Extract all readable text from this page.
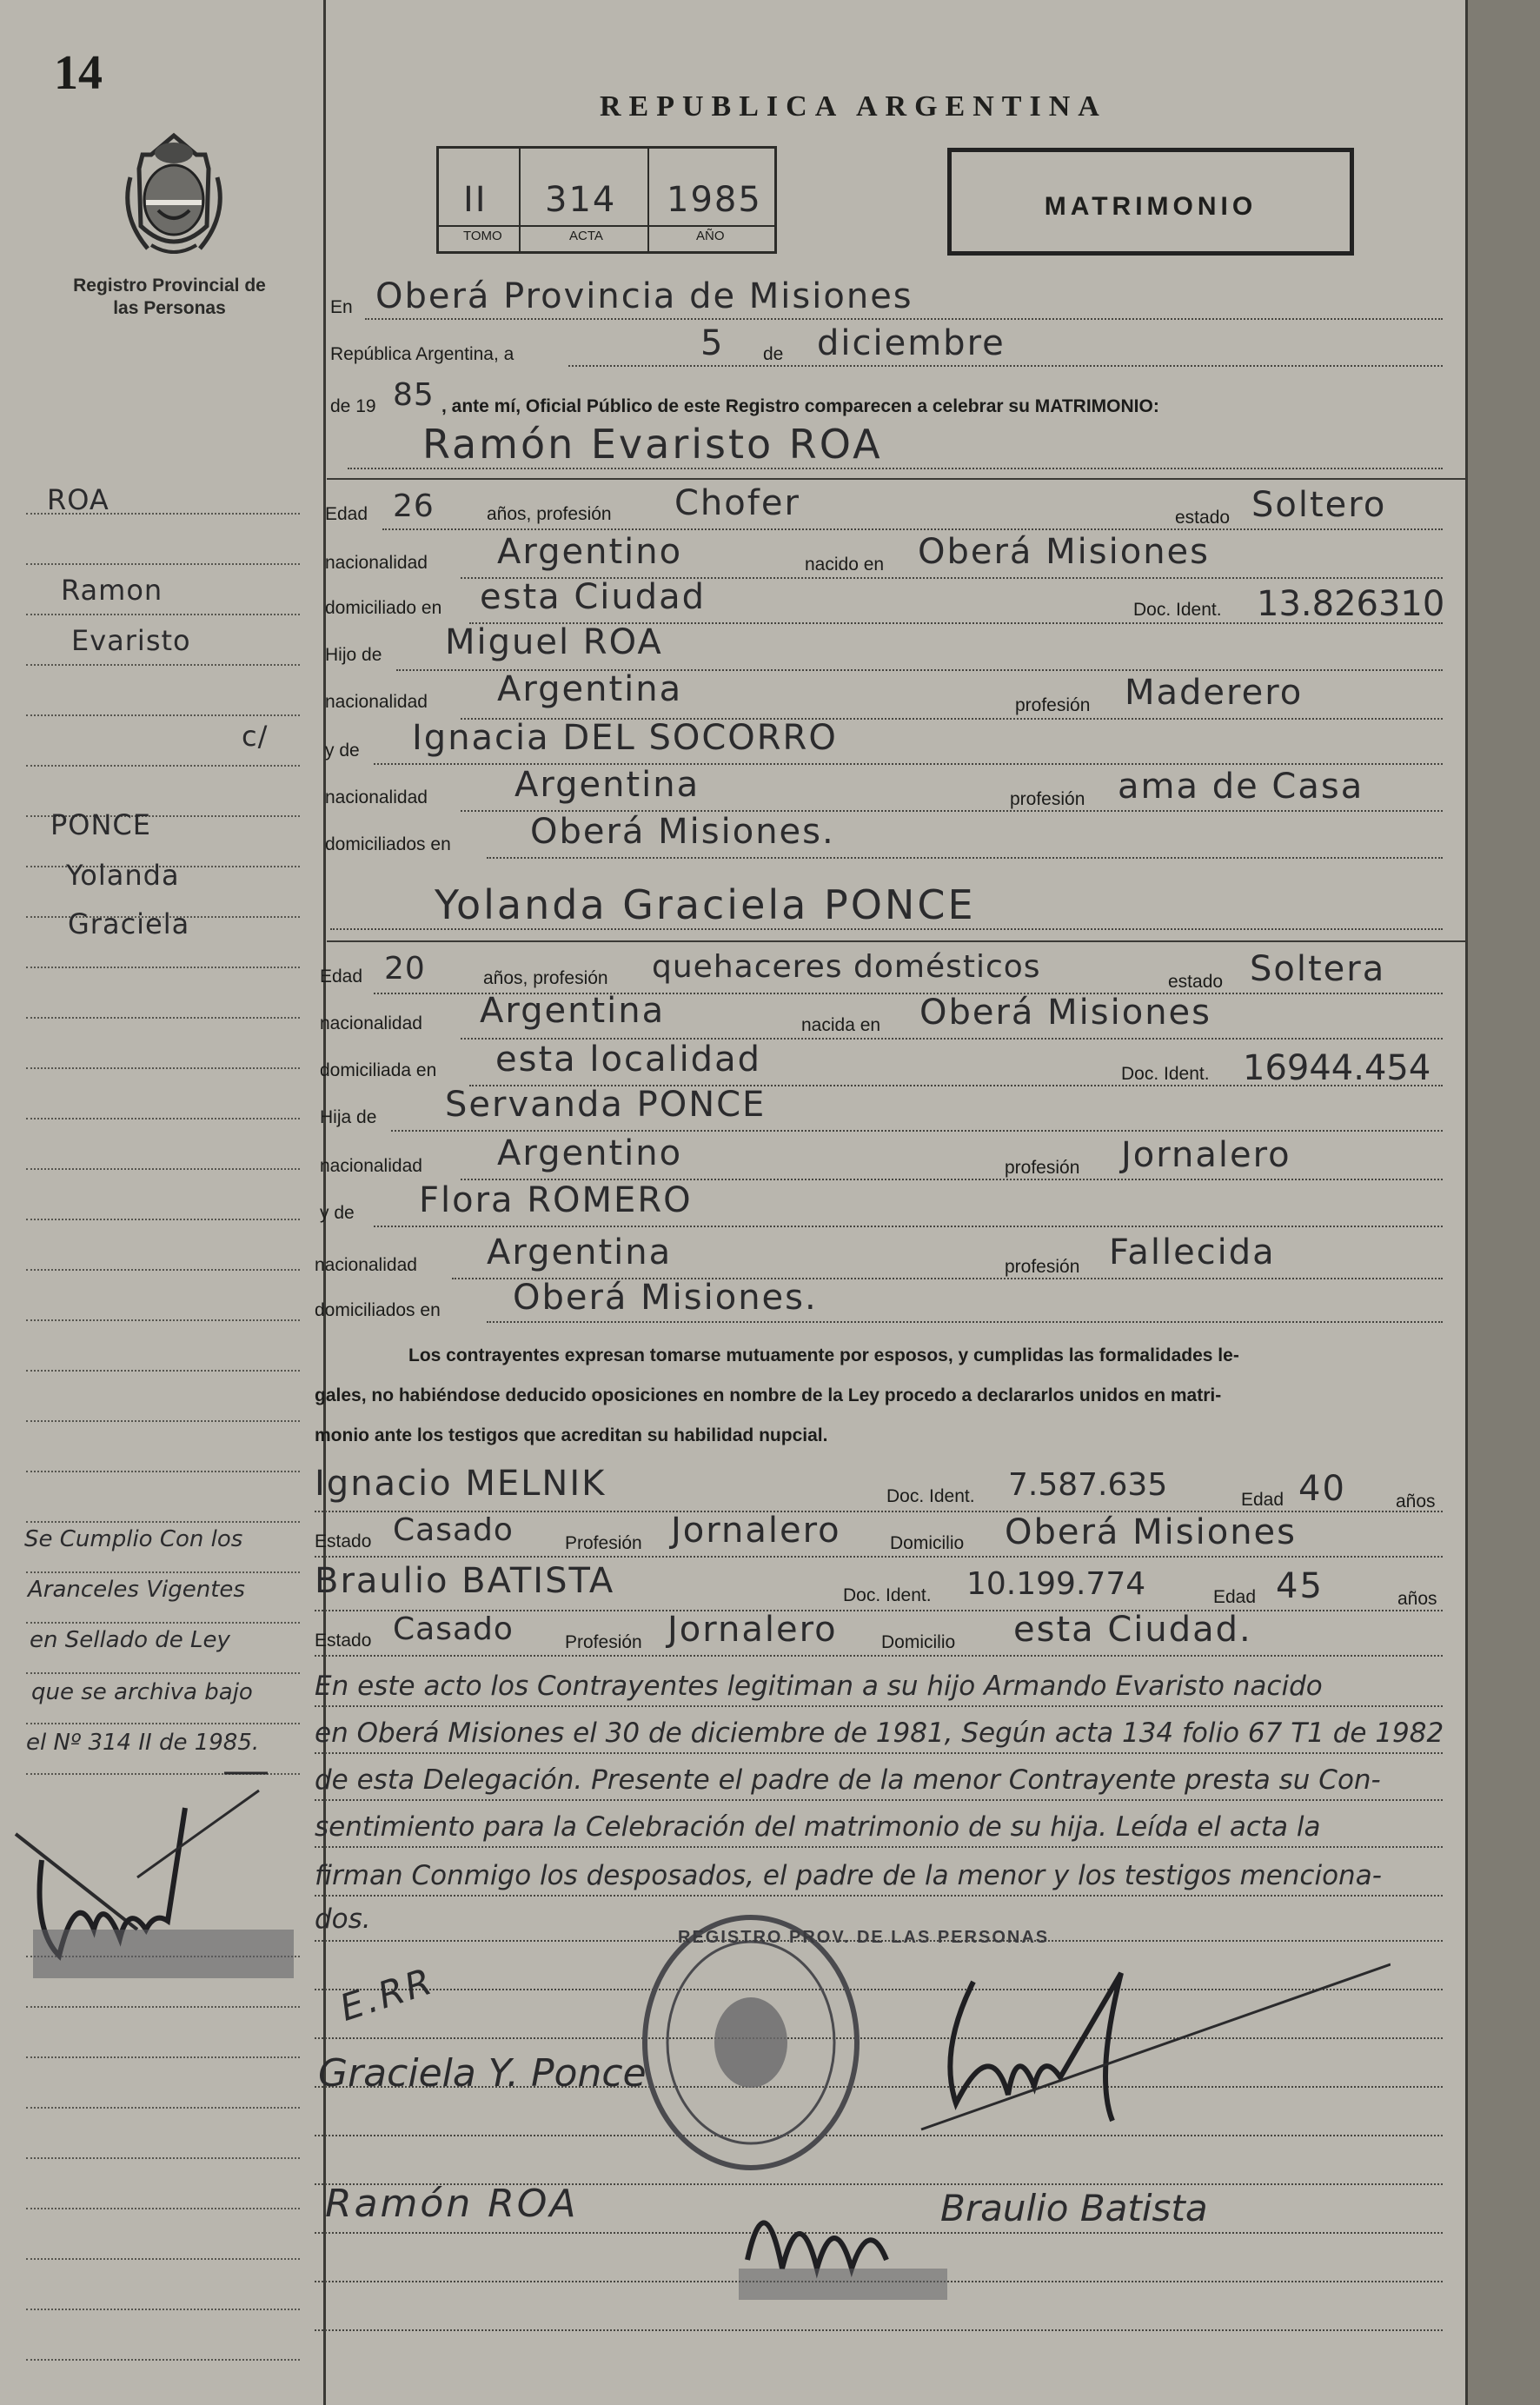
14
Registro Provincial de las Personas
REPUBLICA ARGENTINA
II 314 1985
TOMO	ACTA	AÑO
MATRIMONIO
En Oberá Provincia de Misiones
República Argentina, a	5 de diciembre
de 19 85 , ante mí, Oficial Público de este Registro comparecen a celebrar su MATRIMONIO:
Ramón Evaristo ROA
Edad 26	años, profesión Chofer	estado Soltero
nacionalidad Argentino	nacido en Oberá Misiones
domiciliado en esta Ciudad	Doc. Ident. 13.826310
Hijo de Miguel ROA
nacionalidad Argentina	profesión Maderero
y de Ignacia DEL SOCORRO
nacionalidad	Argentina	profesión ama de Casa
domiciliados en Oberá Misiones.
Yolanda Graciela PONCE
Edad 20	años, profesión quehaceres domésticos	estado Soltera
nacionalidad Argentina	nacida en Oberá Misiones
domiciliada en esta localidad	Doc. Ident. 16944.454
Hija de Servanda PONCE
nacionalidad Argentino	profesión Jornalero
y de Flora ROMERO
nacionalidad Argentina	profesión Fallecida
domiciliados en Oberá Misiones.
Los contrayentes expresan tomarse mutuamente por esposos, y cumplidas las formalidades le-
gales, no habiéndose deducido oposiciones en nombre de la Ley procedo a declararlos unidos en matri-
monio ante los testigos que acreditan su habilidad nupcial.
Ignacio MELNIK	Doc. Ident. 7.587.635	Edad 40	años
Estado Casado	Profesión Jornalero	Domicilio Oberá Misiones
Braulio BATISTA	Doc. Ident. 10.199.774	Edad 45	años
Estado Casado	Profesión Jornalero Domicilio esta Ciudad.
En este acto los Contrayentes legitiman a su hijo Armando Evaristo nacido
en Oberá Misiones el 30 de diciembre de 1981, Según acta 134 folio 67 T1 de 1982
de esta Delegación. Presente el padre de la menor Contrayente presta su Con-
sentimiento para la Celebración del matrimonio de su hija. Leída el acta la
firman Conmigo los desposados, el padre de la menor y los testigos menciona-
dos.
ROA
Ramon
Evaristo
c/
PONCE
Yolanda
Graciela
Se Cumplio Con los
Aranceles Vigentes
en Sellado de Ley
que se archiva bajo
el Nº 314 II de 1985.
REGISTRO PROV. DE LAS PERSONAS
E.RR
Graciela Y. Ponce
Ramón ROA	Braulio Batista
